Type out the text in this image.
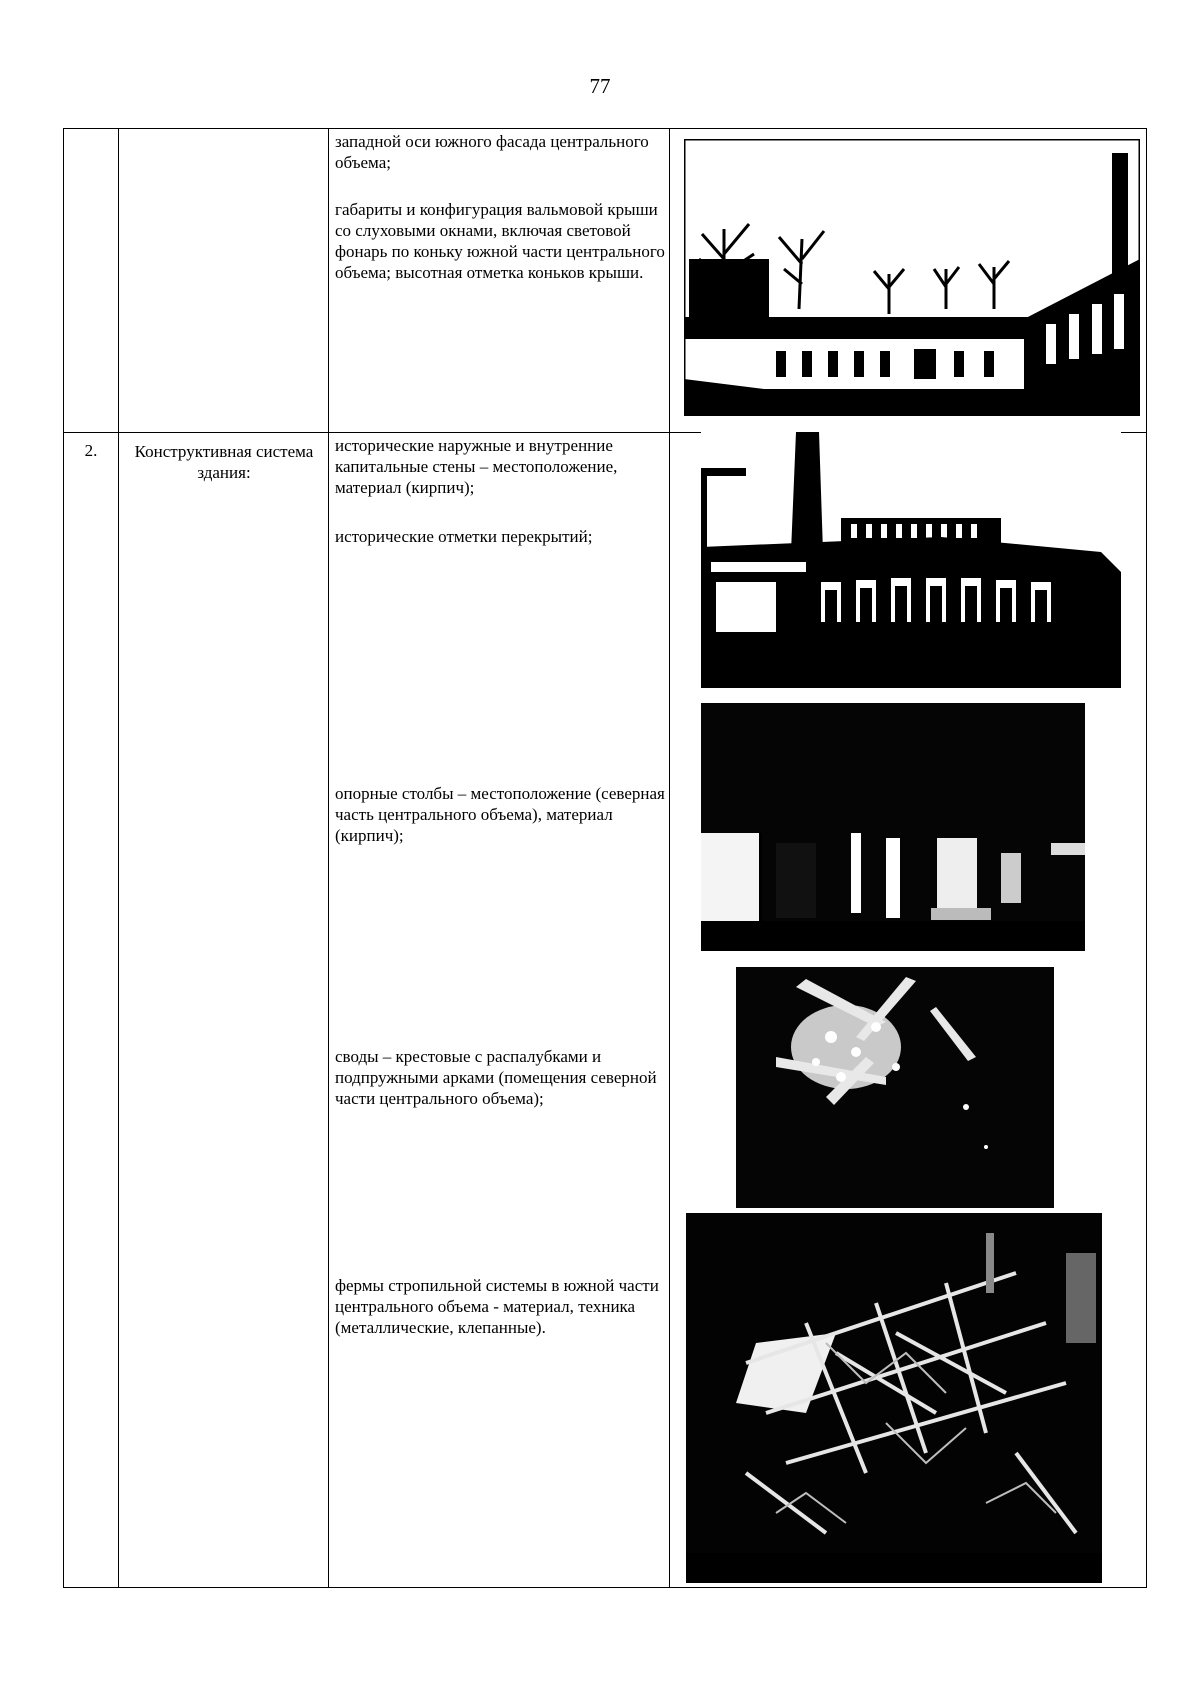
77
западной оси южного фасада центрального объема;
габариты и конфигурация вальмовой крыши со слуховыми окнами, включая световой фонарь по коньку южной части центрального объема; высотная отметка коньков крыши.
2.	Конструктивная система здания:
исторические наружные и внутренние капитальные стены – местоположение, материал (кирпич);
исторические отметки перекрытий;
опорные столбы – местоположение (северная часть центрального объема), материал (кирпич);
своды – крестовые с распалубками и подпружными арками (помещения северной части центрального объема);
фермы стропильной системы в южной части центрального объема - материал, техника (металлические, клепанные).
